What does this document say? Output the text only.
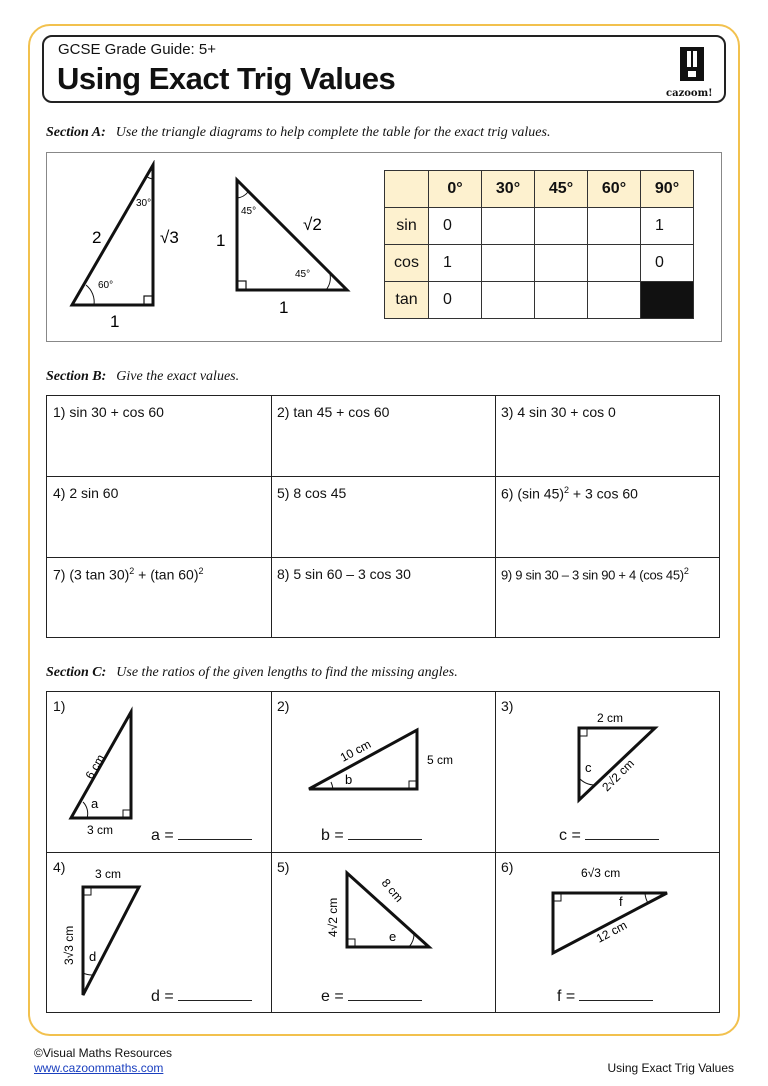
GCSE Grade Guide: 5+
Using Exact Trig Values	cazoom!
Section A: Use the triangle diagrams to help complete the table for the exact trig values.
30°
60°
2	√3
1
45°
45°
√2
1
1
	0°	30°	45°	60°	90°
sin	0				1
cos	1				0
tan	0				
Section B: Give the exact values.
1) sin 30 + cos 60	2) tan 45 + cos 60	3) 4 sin 30 + cos 0
4) 2 sin 60	5) 8 cos 45	6) (sin 45)$^2$ + 3 cos 60
7) (3 tan 30)$^2$ + (tan 60)$^2$	8) 5 sin 60 – 3 cos 30	9) 9 sin 30 – 3 sin 90 + 4 (cos 45)$^2$
Section C: Use the ratios of the given lengths to find the missing angles.
1)
6 cm
3 cm
a
a =
2)
10 cm	5 cm
b
b =
3)
2 cm
2√2 cm
c
c =
4) 3 cm
3√3 cm d
d =
5)
8 cm
4√2 cm	e
e =
6)	6√3 cm
12 cm
f
f =
©Visual Maths Resources
www.cazoommaths.com	Using Exact Trig Values
